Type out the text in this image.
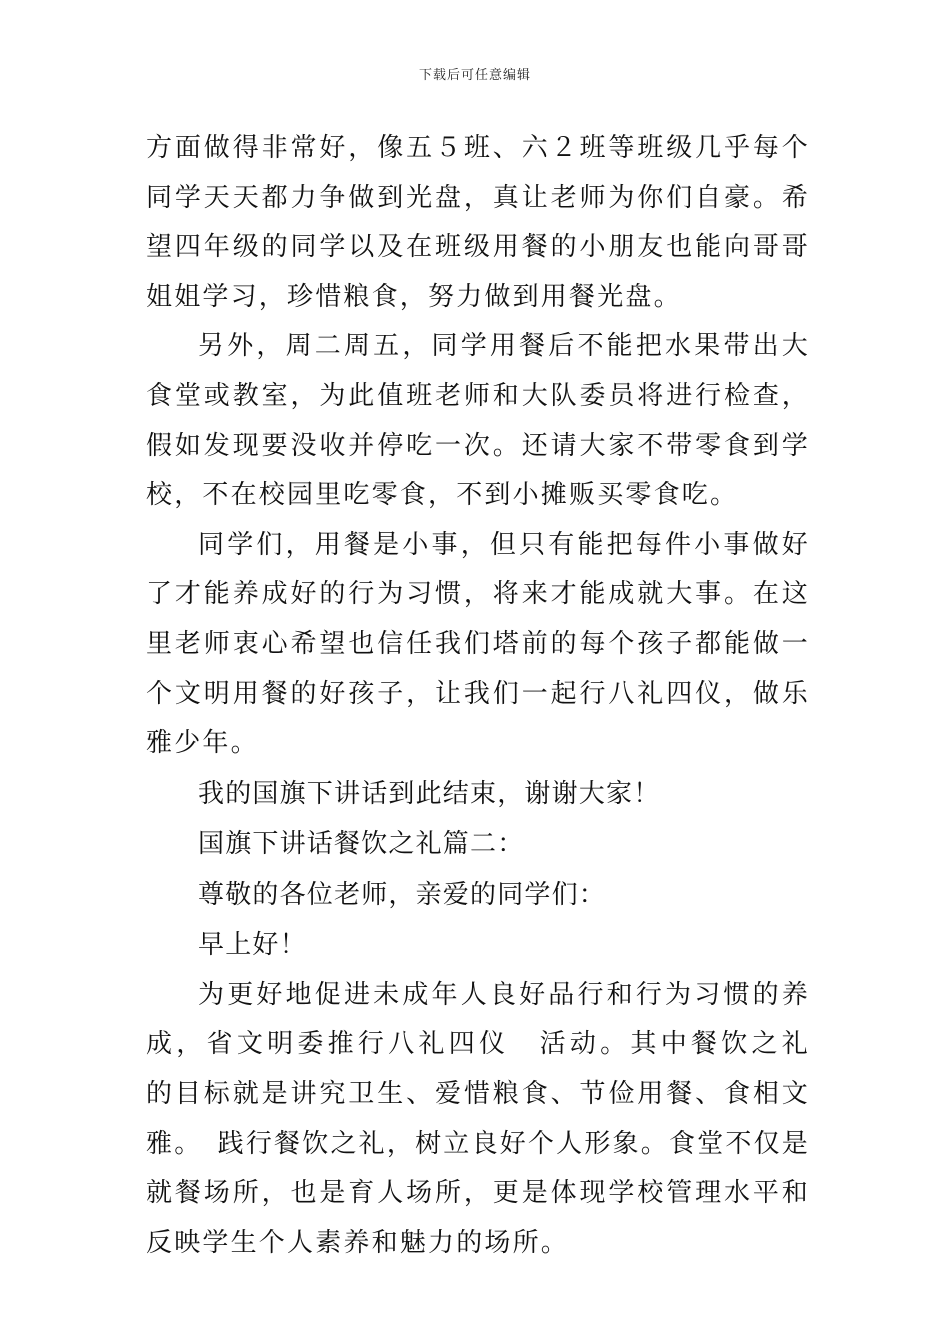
下载后可任意编辑

方面做得非常好，像五５班、六２班等班级几乎每个同学天天都力争做到光盘，真让老师为你们自豪。希望四年级的同学以及在班级用餐的小朋友也能向哥哥姐姐学习，珍惜粮食，努力做到用餐光盘。

另外，周二周五，同学用餐后不能把水果带出大食堂或教室，为此值班老师和大队委员将进行检查，假如发现要没收并停吃一次。还请大家不带零食到学校，不在校园里吃零食，不到小摊贩买零食吃。

同学们，用餐是小事，但只有能把每件小事做好了才能养成好的行为习惯，将来才能成就大事。在这里老师衷心希望也信任我们塔前的每个孩子都能做一个文明用餐的好孩子，让我们一起行八礼四仪，做乐雅少年。

我的国旗下讲话到此结束，谢谢大家！

国旗下讲话餐饮之礼篇二：

尊敬的各位老师，亲爱的同学们：

早上好！

为更好地促进未成年人良好品行和行为习惯的养成，省文明委推行八礼四仪　活动。其中餐饮之礼　的目标就是讲究卫生、爱惜粮食、节俭用餐、食相文雅。　践行餐饮之礼，树立良好个人形象。食堂不仅是就餐场所，也是育人场所，更是体现学校管理水平和反映学生个人素养和魅力的场所。
